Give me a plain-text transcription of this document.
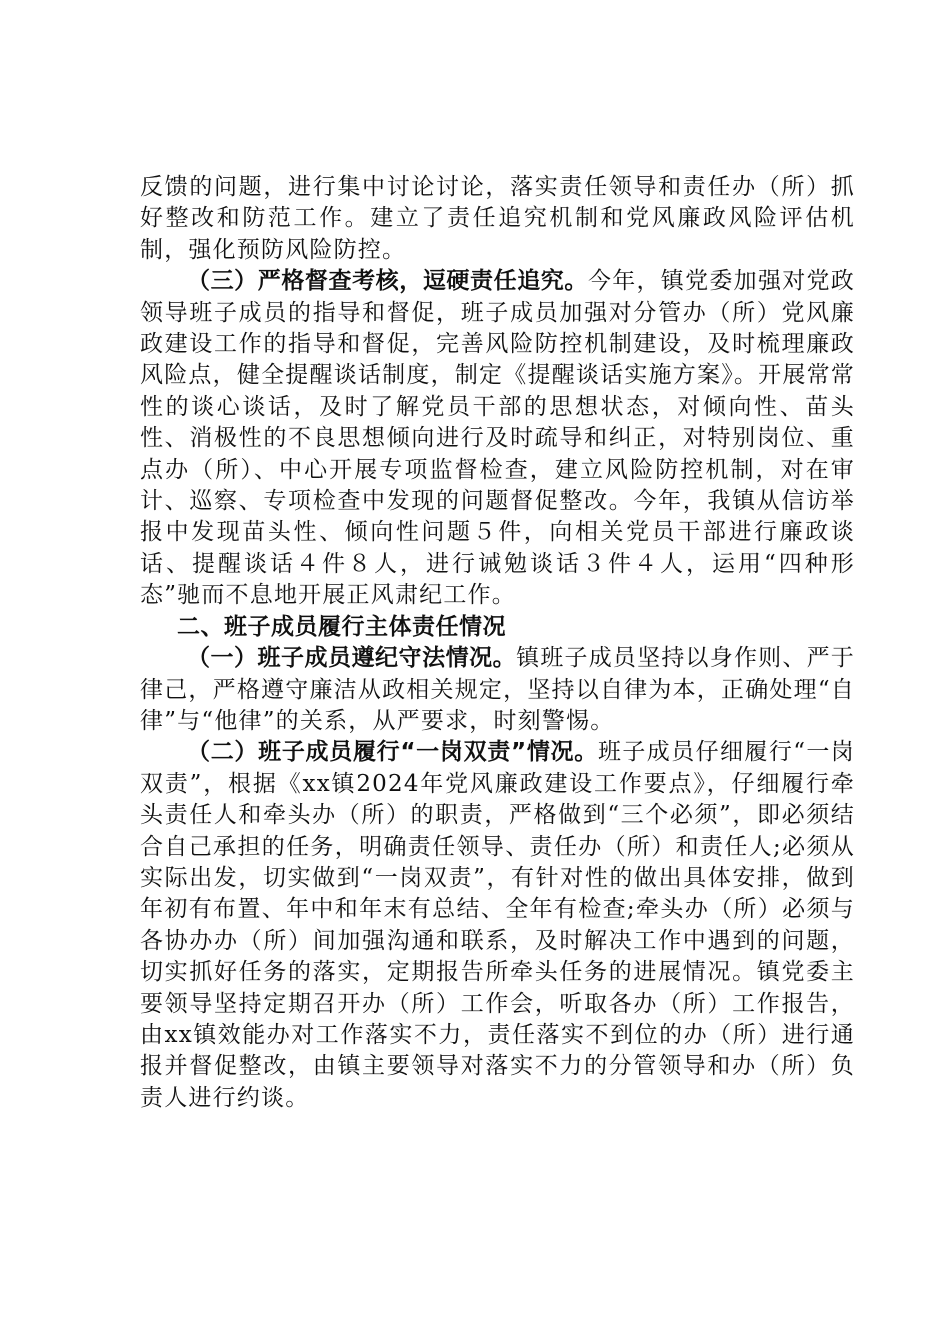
反馈的问题，进行集中讨论讨论，落实责任领导和责任办（所）抓好整改和防范工作。建立了责任追究机制和党风廉政风险评估机制，强化预防风险防控。

（三）严格督查考核，逗硬责任追究。今年，镇党委加强对党政领导班子成员的指导和督促，班子成员加强对分管办（所）党风廉政建设工作的指导和督促，完善风险防控机制建设，及时梳理廉政风险点，健全提醒谈话制度，制定《提醒谈话实施方案》。开展常常性的谈心谈话，及时了解党员干部的思想状态，对倾向性、苗头性、消极性的不良思想倾向进行及时疏导和纠正，对特别岗位、重点办（所）、中心开展专项监督检查，建立风险防控机制，对在审计、巡察、专项检查中发现的问题督促整改。今年，我镇从信访举报中发现苗头性、倾向性问题５件，向相关党员干部进行廉政谈话、提醒谈话４件８人，进行诫勉谈话３件４人，运用“四种形态”驰而不息地开展正风肃纪工作。

二、班子成员履行主体责任情况

（一）班子成员遵纪守法情况。镇班子成员坚持以身作则、严于律己，严格遵守廉洁从政相关规定，坚持以自律为本，正确处理“自律”与“他律”的关系，从严要求，时刻警惕。

（二）班子成员履行“一岗双责”情况。班子成员仔细履行“一岗双责”，根据《xx镇2024年党风廉政建设工作要点》，仔细履行牵头责任人和牵头办（所）的职责，严格做到“三个必须”，即必须结合自己承担的任务，明确责任领导、责任办（所）和责任人;必须从实际出发，切实做到“一岗双责”，有针对性的做出具体安排，做到年初有布置、年中和年末有总结、全年有检查;牵头办（所）必须与各协办办（所）间加强沟通和联系，及时解决工作中遇到的问题，切实抓好任务的落实，定期报告所牵头任务的进展情况。镇党委主要领导坚持定期召开办（所）工作会，听取各办（所）工作报告，由xx镇效能办对工作落实不力，责任落实不到位的办（所）进行通报并督促整改，由镇主要领导对落实不力的分管领导和办（所）负责人进行约谈。
